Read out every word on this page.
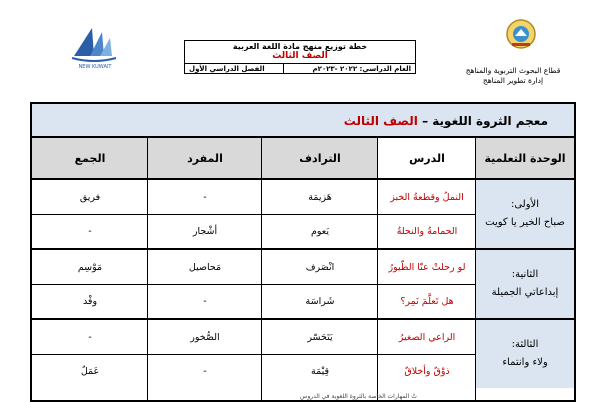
NEW KUWAIT
خطة توزيع منهج مادة اللغة العربية
الصف الثالث
العام الدراسي: ٢٠٢٢ -٢٠٢٣م
الفصل الدراسي الأول	قطاع البحوث التربوية والمناهج
إدارة تطوير المناهج
معجم الثروة اللغوية – الصف الثالث
الوحدة التعلمية
الدرس
الترادف
المفرد
الجمع
الأولى:
صباح الخير يا كويت
النملُ وقطعةُ الخبز
هَزيمَة
-
فريق
الحمامةُ والنحلةُ
يَعوم
أشْجار
-
الثانية:
إبداعاتي الجميلة
لو رحلتْ عنّا الطّيورُ
انْصَرف
مَحاصيل
مَوْسِم
هل تَعلَّمَ نَمِر؟
شَراسَة
-
وفْد
الثالثة:
ولاء وانتماء
الراعي الصغيرُ
يَتَحَسّر
الصُّخور
-
ذوْقٌ وأخلاقٌ
قِيْمَة
-
عَمَلٌ
تُ المهارات الخاصة بالثروة اللغوية في الدروس
